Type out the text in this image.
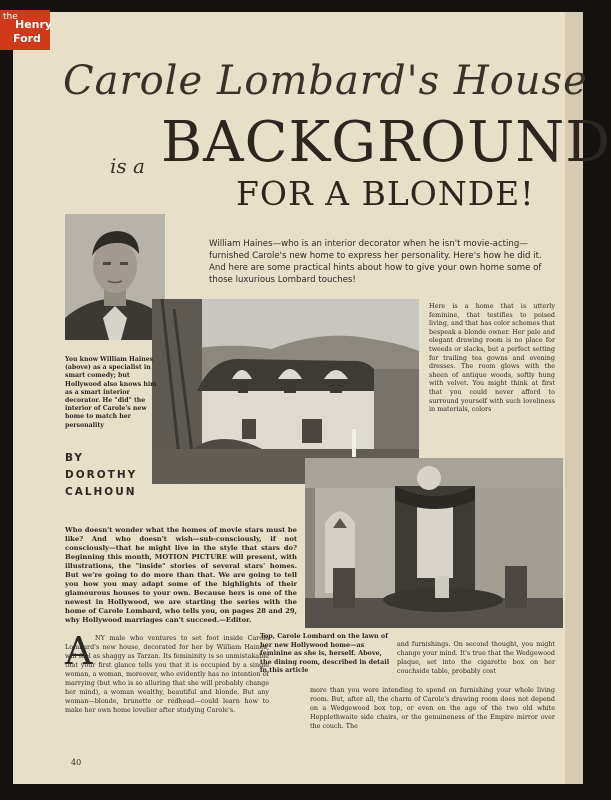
Carole Lombard's House
BACKGROUND
is a
FOR A BLONDE!
William Haines—who is an interior decorator when he isn't movie-acting—furnished Carole's new home to express her personality. Here's how he did it. And here are some practical hints about how to give your own home some of those luxurious Lombard touches!
You know William Haines (above) as a specialist in smart comedy; but Hollywood also knows him as a smart interior decorator. He "did" the interior of Carole's new home to match her personality
BY
DOROTHY
CALHOUN
Here is a home that is utterly feminine, that testifies to poised living, and that has color schemes that bespeak a blonde owner. Her pale and elegant drawing room is no place for tweeds or slacks, but a perfect setting for trailing tea gowns and evening dresses. The room glows with the sheen of antique woods, softly hung with velvet. You might think at first that you could never afford to surround yourself with such loveliness in materials, colors
Who doesn't wonder what the homes of movie stars must be like? And who doesn't wish—sub-consciously, if not consciously—that he might live in the style that stars do? Beginning this month, MOTION PICTURE will present, with illustrations, the "inside" stories of several stars' homes. But we're going to do more than that. We are going to tell you how you may adapt some of the highlights of their glamourous houses to your own. Because hers is one of the newest in Hollywood, we are starting the series with the home of Carole Lombard, who tells you, on pages 28 and 29, why Hollywood marriages can't succeed.—Editor.
A NY male who ventures to set foot inside Carole Lombard's new house, decorated for her by William Haines, will feel as shaggy as Tarzan. Its femininity is so unmistakable that your first glance tells you that it is occupied by a single woman, a woman, moreover, who evidently has no intention of marrying (but who is so alluring that she will probably change her mind), a woman wealthy, beautiful and blonde. But any woman—blonde, brunette or redhead—could learn how to make her own home lovelier after studying Carole's.

Top, Carole Lombard on the lawn of her new Hollywood home—as feminine as she is, herself. Above, the dining room, described in detail in this article
and furnishings. On second thought, you might change your mind. It's true that the Wedgewood plaque, set into the cigarette box on her couchside table, probably cost
more than you were intending to spend on furnishing your whole living room. But, after all, the charm of Carole's drawing room does not depend on a Wedgewood box top, or even on the age of the two old white Hepplethwaite side chairs, or the genuineness of the Empire mirror over the couch. The
40
the
Henry
Ford
